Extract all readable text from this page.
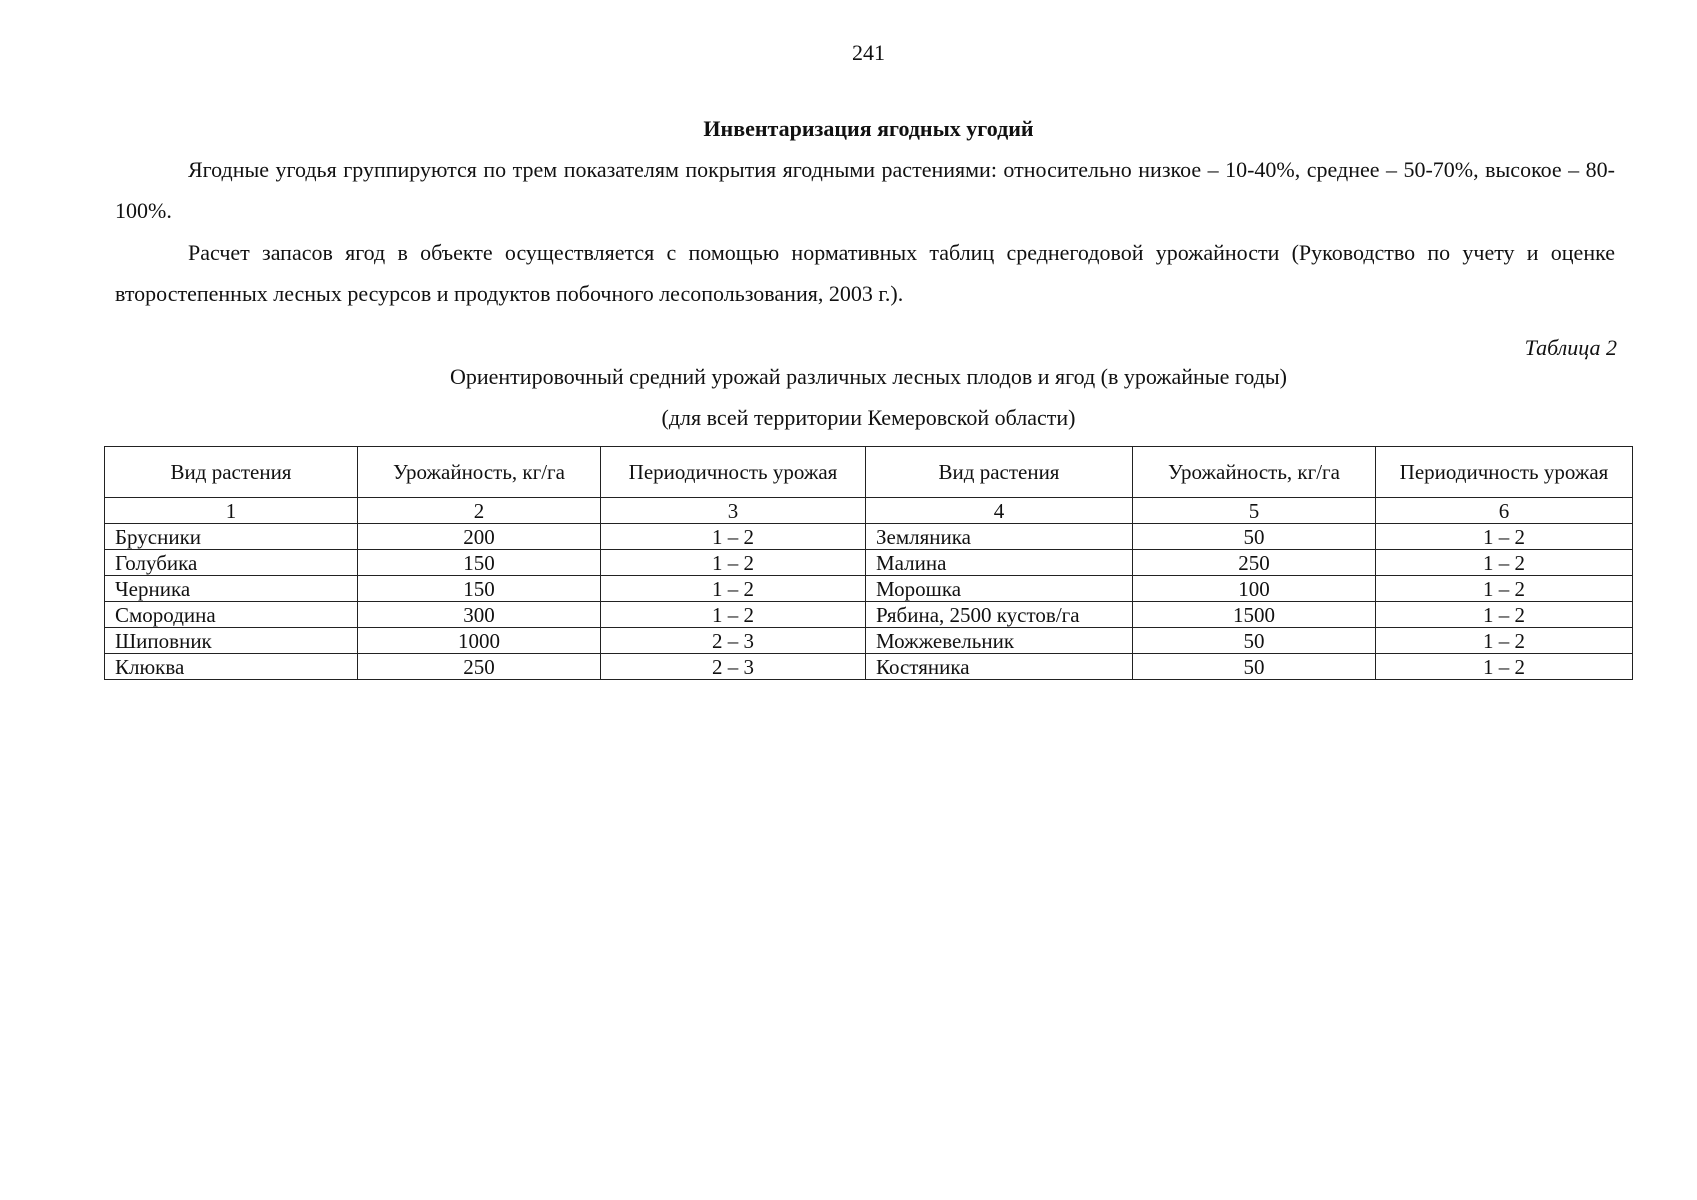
241
Инвентаризация ягодных угодий

Ягодные угодья группируются по трем показателям покрытия ягодными растениями: относительно низкое – 10-40%, среднее – 50-70%, высокое – 80-100%.

Расчет запасов ягод в объекте осуществляется с помощью нормативных таблиц среднегодовой урожайности (Руководство по учету и оценке второстепенных лесных ресурсов и продуктов побочного лесопользования, 2003 г.).

Таблица 2
Ориентировочный средний урожай различных лесных плодов и ягод (в урожайные годы)
(для всей территории Кемеровской области)
Вид растения	Урожайность, кг/га	Периодичность урожая	Вид растения	Урожайность, кг/га	Периодичность урожая
1	2	3	4	5	6
Брусники	200	1 – 2	Земляника	50	1 – 2
Голубика	150	1 – 2	Малина	250	1 – 2
Черника	150	1 – 2	Морошка	100	1 – 2
Смородина	300	1 – 2	Рябина, 2500 кустов/га	1500	1 – 2
Шиповник	1000	2 – 3	Можжевельник	50	1 – 2
Клюква	250	2 – 3	Костяника	50	1 – 2
